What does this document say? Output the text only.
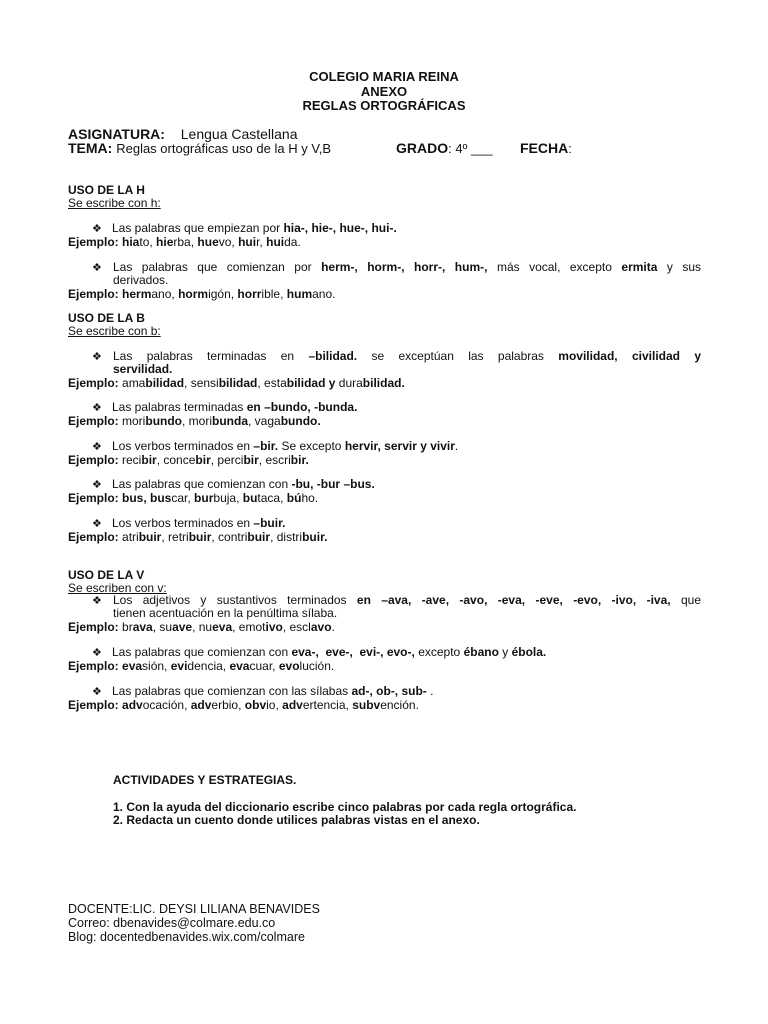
COLEGIO MARIA REINA
ANEXO
REGLAS ORTOGRÁFICAS
ASIGNATURA: Lengua Castellana
TEMA: Reglas ortográficas uso de la H y V,B	GRADO: 4º ___ FECHA:
USO DE LA H
Se escribe con h:
❖ Las palabras que empiezan por hia-, hie-, hue-, hui-.
Ejemplo: hiato, hierba, huevo, huir, huida.
❖ Las palabras que comienzan por herm-, horm-, horr-, hum-, más vocal, excepto ermita y sus
derivados.
Ejemplo: hermano, hormigón, horrible, humano.
USO DE LA B
Se escribe con b:
❖ Las palabras terminadas en –bilidad. se exceptúan las palabras movilidad, civilidad y
servilidad.
Ejemplo: amabilidad, sensibilidad, estabilidad y durabilidad.
❖ Las palabras terminadas en –bundo, -bunda.
Ejemplo: moribundo, moribunda, vagabundo.
❖ Los verbos terminados en –bir. Se excepto hervir, servir y vivir.
Ejemplo: recibir, concebir, percibir, escribir.
❖ Las palabras que comienzan con -bu, -bur –bus.
Ejemplo: bus, buscar, burbuja, butaca, búho.
❖ Los verbos terminados en –buir.
Ejemplo: atribuir, retribuir, contribuir, distribuir.
USO DE LA V
Se escriben con v:
❖ Los adjetivos y sustantivos terminados en –ava, -ave, -avo, -eva, -eve, -evo, -ivo, -iva, que
tienen acentuación en la penúltima sílaba.
Ejemplo: brava, suave, nueva, emotivo, esclavo.
❖ Las palabras que comienzan con eva-,  eve-,  evi-, evo-, excepto ébano y ébola.
Ejemplo: evasión, evidencia, evacuar, evolución.
❖ Las palabras que comienzan con las sílabas ad-, ob-, sub- .
Ejemplo: advocación, adverbio, obvio, advertencia, subvención.
ACTIVIDADES Y ESTRATEGIAS.
1. Con la ayuda del diccionario escribe cinco palabras por cada regla ortográfica.
2. Redacta un cuento donde utilices palabras vistas en el anexo.
DOCENTE:LIC. DEYSI LILIANA BENAVIDES
Correo: dbenavides@colmare.edu.co
Blog: docentedbenavides.wix.com/colmare
